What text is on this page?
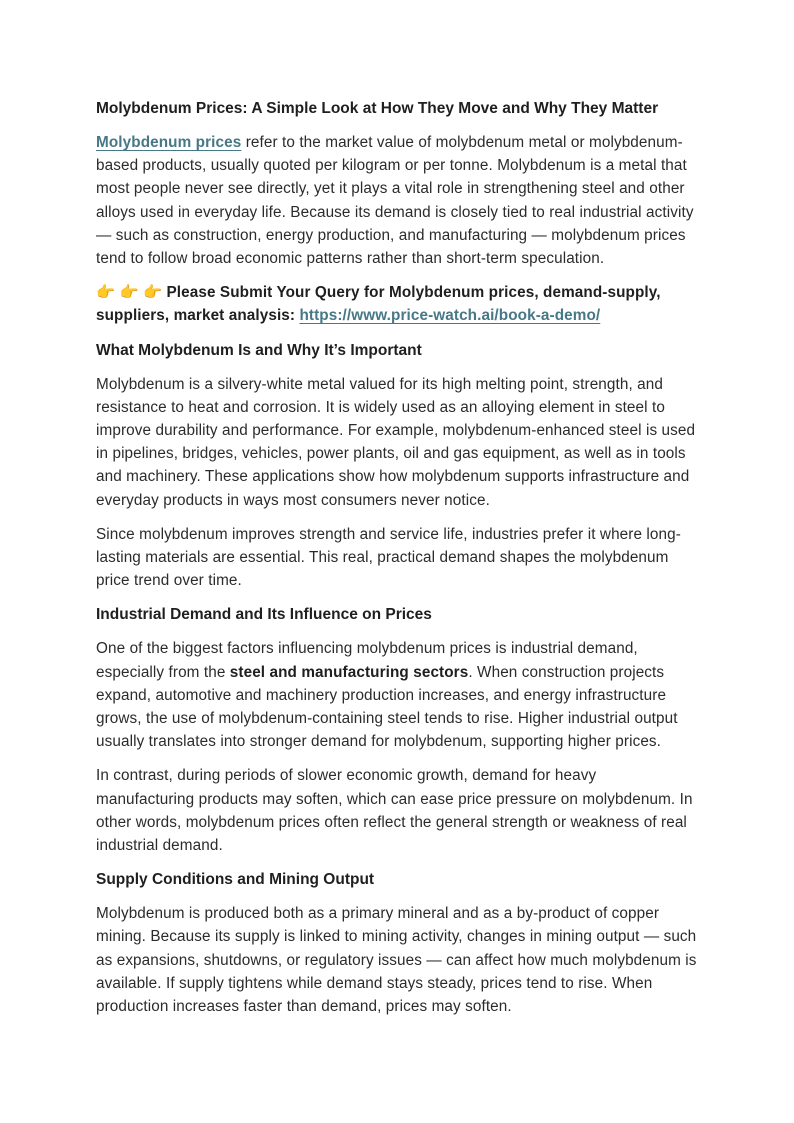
Molybdenum Prices: A Simple Look at How They Move and Why They Matter

Molybdenum prices refer to the market value of molybdenum metal or molybdenum-based products, usually quoted per kilogram or per tonne. Molybdenum is a metal that most people never see directly, yet it plays a vital role in strengthening steel and other alloys used in everyday life. Because its demand is closely tied to real industrial activity — such as construction, energy production, and manufacturing — molybdenum prices tend to follow broad economic patterns rather than short-term speculation.

👉 👉 👉 Please Submit Your Query for Molybdenum prices, demand-supply, suppliers, market analysis: https://www.price-watch.ai/book-a-demo/

What Molybdenum Is and Why It’s Important

Molybdenum is a silvery-white metal valued for its high melting point, strength, and resistance to heat and corrosion. It is widely used as an alloying element in steel to improve durability and performance. For example, molybdenum-enhanced steel is used in pipelines, bridges, vehicles, power plants, oil and gas equipment, as well as in tools and machinery. These applications show how molybdenum supports infrastructure and everyday products in ways most consumers never notice.

Since molybdenum improves strength and service life, industries prefer it where long-lasting materials are essential. This real, practical demand shapes the molybdenum price trend over time.

Industrial Demand and Its Influence on Prices

One of the biggest factors influencing molybdenum prices is industrial demand, especially from the steel and manufacturing sectors. When construction projects expand, automotive and machinery production increases, and energy infrastructure grows, the use of molybdenum-containing steel tends to rise. Higher industrial output usually translates into stronger demand for molybdenum, supporting higher prices.

In contrast, during periods of slower economic growth, demand for heavy manufacturing products may soften, which can ease price pressure on molybdenum. In other words, molybdenum prices often reflect the general strength or weakness of real industrial demand.

Supply Conditions and Mining Output

Molybdenum is produced both as a primary mineral and as a by-product of copper mining. Because its supply is linked to mining activity, changes in mining output — such as expansions, shutdowns, or regulatory issues — can affect how much molybdenum is available. If supply tightens while demand stays steady, prices tend to rise. When production increases faster than demand, prices may soften.
